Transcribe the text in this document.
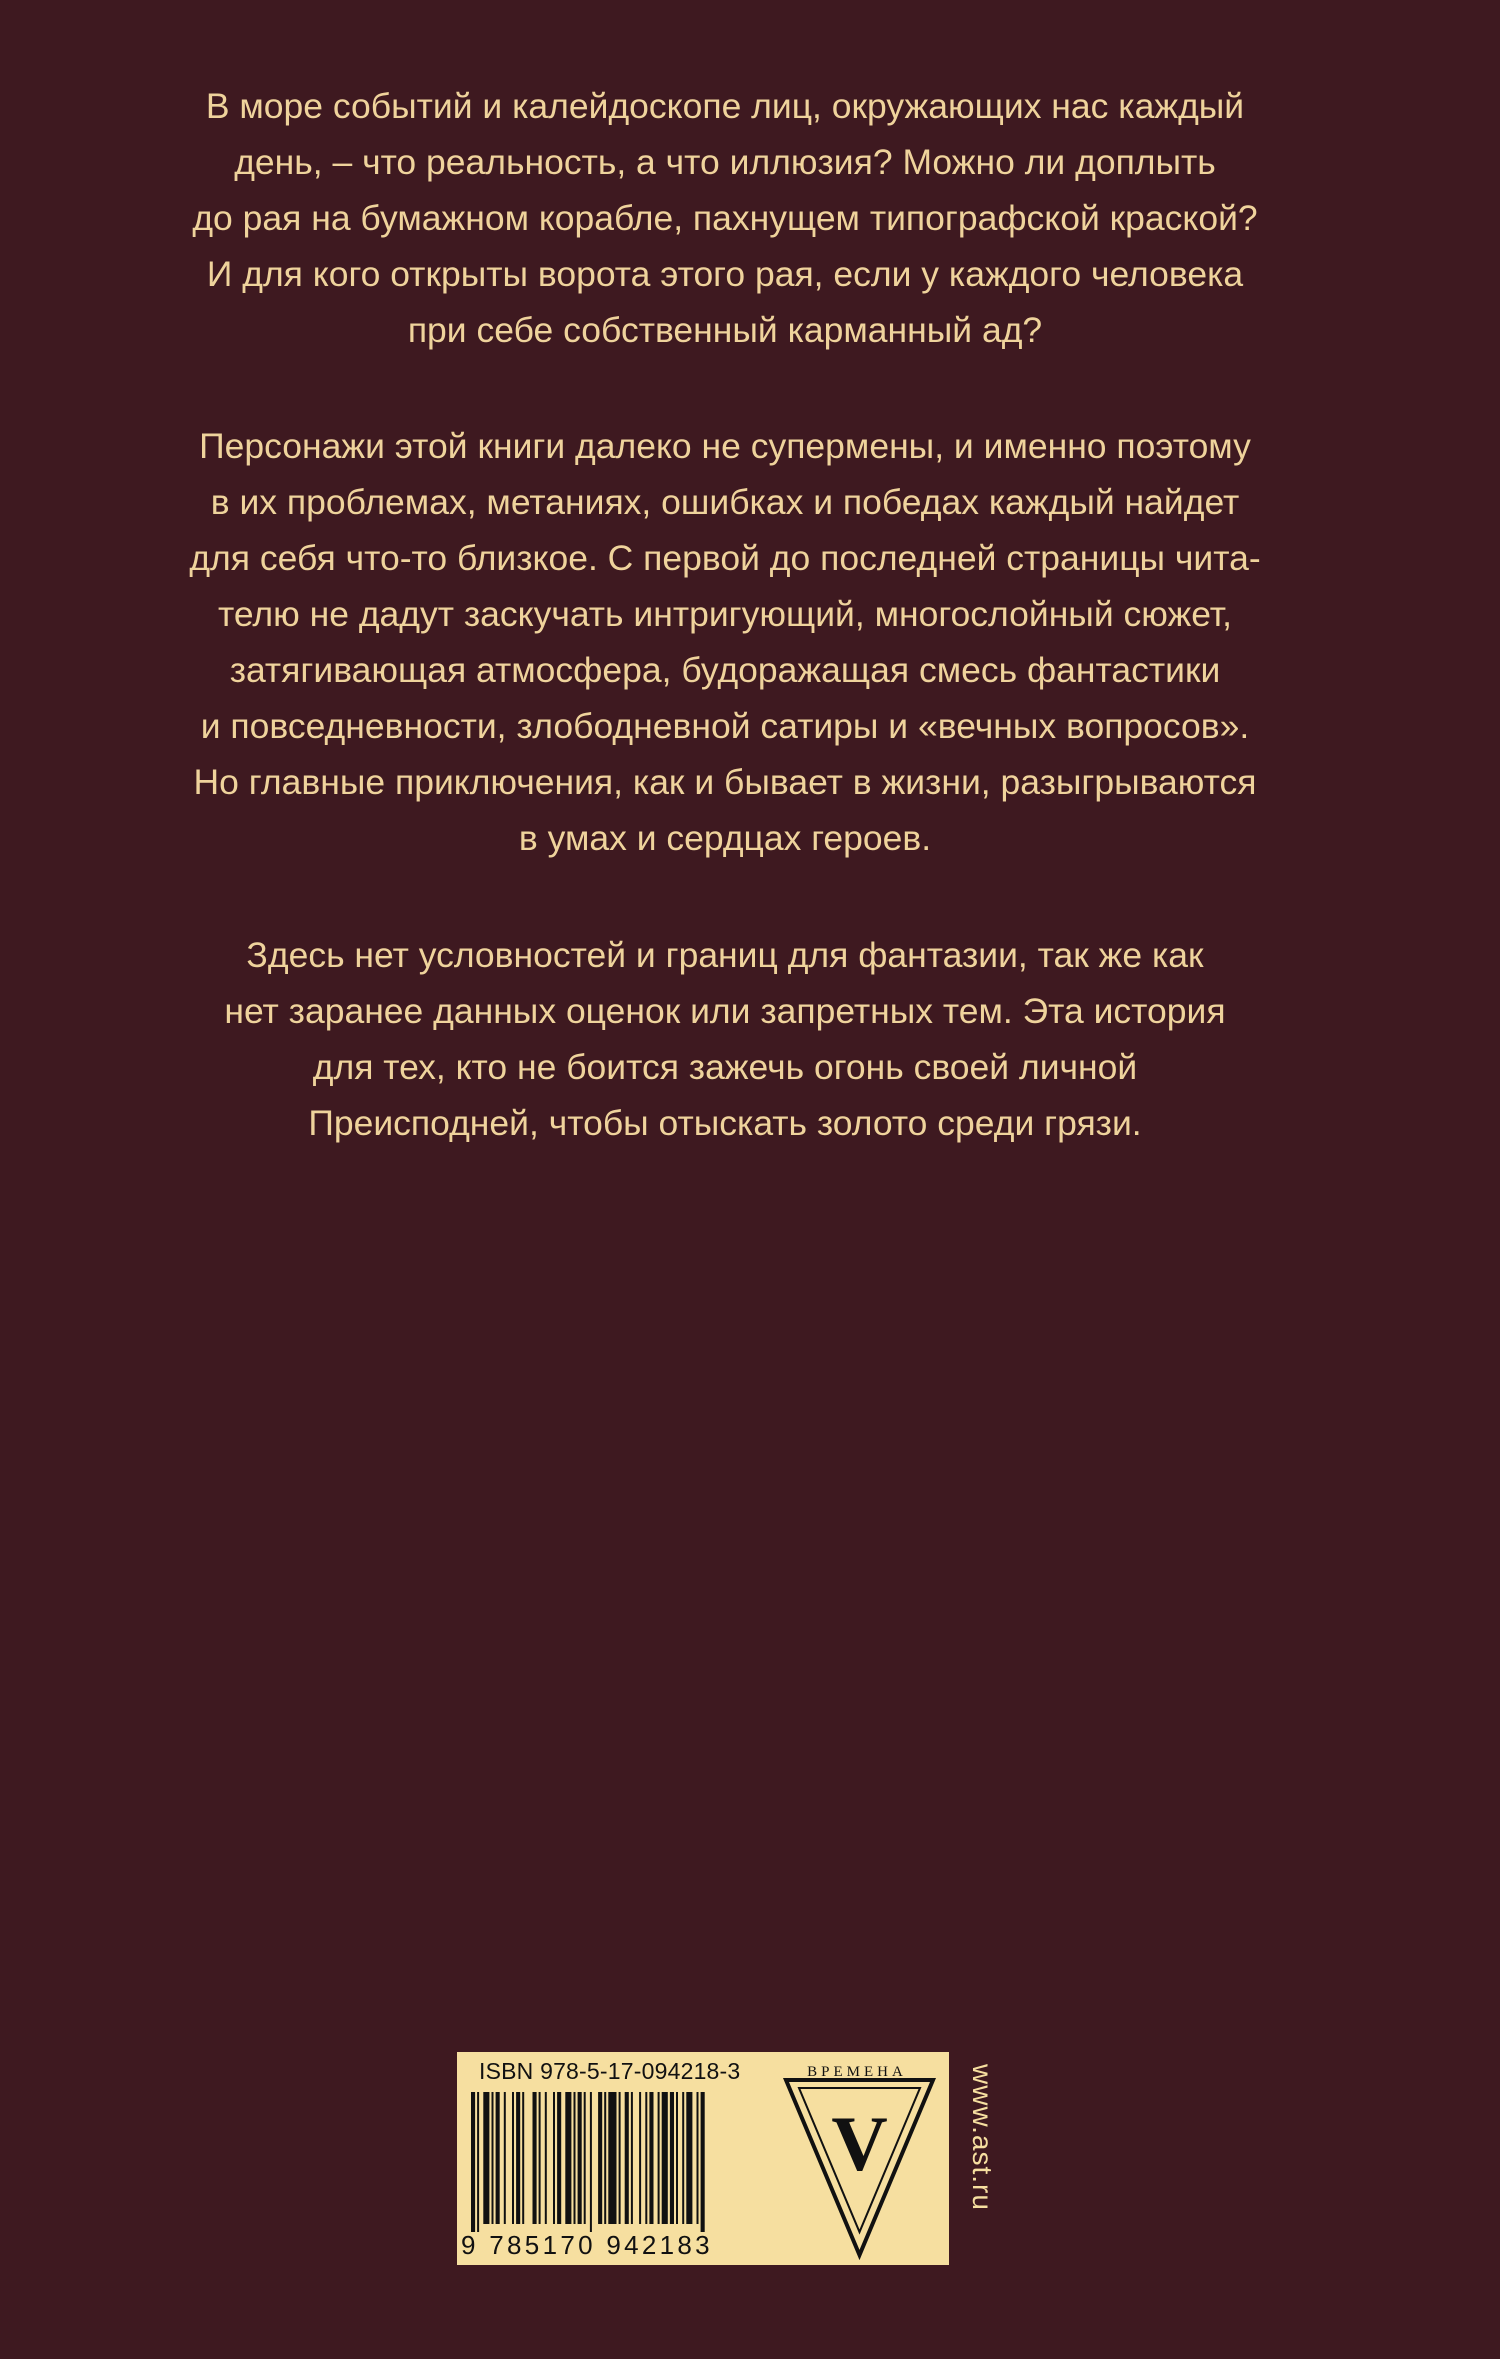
В море событий и калейдоскопе лиц, окружающих нас каждый
день, – что реальность, а что иллюзия? Можно ли доплыть
до рая на бумажном корабле, пахнущем типографской краской?
И для кого открыты ворота этого рая, если у каждого человека
при себе собственный карманный ад?
Персонажи этой книги далеко не супермены, и именно поэтому
в их проблемах, метаниях, ошибках и победах каждый найдет
для себя что-то близкое. С первой до последней страницы чита-
телю не дадут заскучать интригующий, многослойный сюжет,
затягивающая атмосфера, будоражащая смесь фантастики
и повседневности, злободневной сатиры и «вечных вопросов».
Но главные приключения, как и бывает в жизни, разыгрываются
в умах и сердцах героев.
Здесь нет условностей и границ для фантазии, так же как
нет заранее данных оценок или запретных тем. Эта история
для тех, кто не боится зажечь огонь своей личной
Преисподней, чтобы отыскать золото среди грязи.
ISBN 978-5-17-094218-3
9 785170 942183
V
ВРЕМЕНА	www.ast.ru
